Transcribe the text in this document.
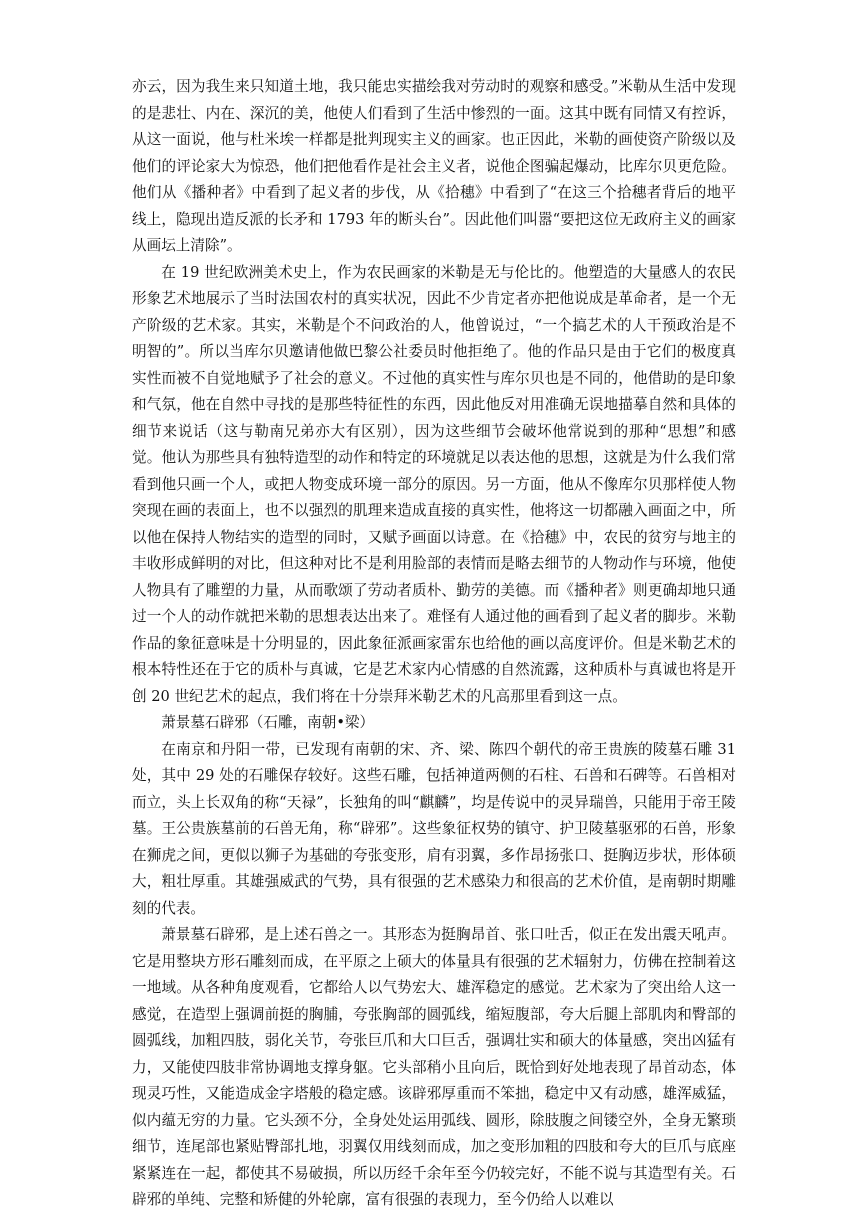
亦云，因为我生来只知道土地，我只能忠实描绘我对劳动时的观察和感受。”米勒从生活中发现的是悲壮、内在、深沉的美，他使人们看到了生活中惨烈的一面。这其中既有同情又有控诉，从这一面说，他与杜米埃一样都是批判现实主义的画家。也正因此，米勒的画使资产阶级以及他们的评论家大为惊恐，他们把他看作是社会主义者，说他企图骗起爆动，比库尔贝更危险。他们从《播种者》中看到了起义者的步伐，从《拾穗》中看到了“在这三个拾穗者背后的地平线上，隐现出造反派的长矛和 1793 年的断头台”。因此他们叫嚣“要把这位无政府主义的画家从画坛上清除”。

在 19 世纪欧洲美术史上，作为农民画家的米勒是无与伦比的。他塑造的大量感人的农民形象艺术地展示了当时法国农村的真实状况，因此不少肯定者亦把他说成是革命者，是一个无产阶级的艺术家。其实，米勒是个不问政治的人，他曾说过，“一个搞艺术的人干预政治是不明智的”。所以当库尔贝邀请他做巴黎公社委员时他拒绝了。他的作品只是由于它们的极度真实性而被不自觉地赋予了社会的意义。不过他的真实性与库尔贝也是不同的，他借助的是印象和气氛，他在自然中寻找的是那些特征性的东西，因此他反对用准确无误地描摹自然和具体的细节来说话（这与勒南兄弟亦大有区别），因为这些细节会破坏他常说到的那种“思想”和感觉。他认为那些具有独特造型的动作和特定的环境就足以表达他的思想，这就是为什么我们常看到他只画一个人，或把人物变成环境一部分的原因。另一方面，他从不像库尔贝那样使人物突现在画的表面上，也不以强烈的肌理来造成直接的真实性，他将这一切都融入画面之中，所以他在保持人物结实的造型的同时，又赋予画面以诗意。在《拾穗》中，农民的贫穷与地主的丰收形成鲜明的对比，但这种对比不是利用脸部的表情而是略去细节的人物动作与环境，他使人物具有了雕塑的力量，从而歌颂了劳动者质朴、勤劳的美德。而《播种者》则更确却地只通过一个人的动作就把米勒的思想表达出来了。难怪有人通过他的画看到了起义者的脚步。米勒作品的象征意味是十分明显的，因此象征派画家雷东也给他的画以高度评价。但是米勒艺术的根本特性还在于它的质朴与真诚，它是艺术家内心情感的自然流露，这种质朴与真诚也将是开创 20 世纪艺术的起点，我们将在十分崇拜米勒艺术的凡高那里看到这一点。

萧景墓石辟邪（石雕，南朝•梁）

在南京和丹阳一带，已发现有南朝的宋、齐、梁、陈四个朝代的帝王贵族的陵墓石雕 31 处，其中 29 处的石雕保存较好。这些石雕，包括神道两侧的石柱、石兽和石碑等。石兽相对而立，头上长双角的称“天禄”，长独角的叫“麒麟”，均是传说中的灵异瑞兽，只能用于帝王陵墓。王公贵族墓前的石兽无角，称“辟邪”。这些象征权势的镇守、护卫陵墓驱邪的石兽，形象在狮虎之间，更似以狮子为基础的夸张变形，肩有羽翼，多作昂扬张口、挺胸迈步状，形体硕大，粗壮厚重。其雄强威武的气势，具有很强的艺术感染力和很高的艺术价值，是南朝时期雕刻的代表。

萧景墓石辟邪，是上述石兽之一。其形态为挺胸昂首、张口吐舌，似正在发出震天吼声。它是用整块方形石雕刻而成，在平原之上硕大的体量具有很强的艺术辐射力，仿佛在控制着这一地域。从各种角度观看，它都给人以气势宏大、雄浑稳定的感觉。艺术家为了突出给人这一感觉，在造型上强调前挺的胸脯，夸张胸部的圆弧线，缩短腹部，夸大后腿上部肌肉和臀部的圆弧线，加粗四肢，弱化关节，夸张巨爪和大口巨舌，强调壮实和硕大的体量感，突出凶猛有力，又能使四肢非常协调地支撑身躯。它头部稍小且向后，既恰到好处地表现了昂首动态，体现灵巧性，又能造成金字塔般的稳定感。该辟邪厚重而不笨拙，稳定中又有动感，雄浑威猛，似内蕴无穷的力量。它头颈不分，全身处处运用弧线、圆形，除肢腹之间镂空外，全身无繁琐细节，连尾部也紧贴臀部扎地，羽翼仅用线刻而成，加之变形加粗的四肢和夸大的巨爪与底座紧紧连在一起，都使其不易破损，所以历经千余年至今仍较完好，不能不说与其造型有关。石辟邪的单纯、完整和矫健的外轮廓，富有很强的表现力，至今仍给人以难以
